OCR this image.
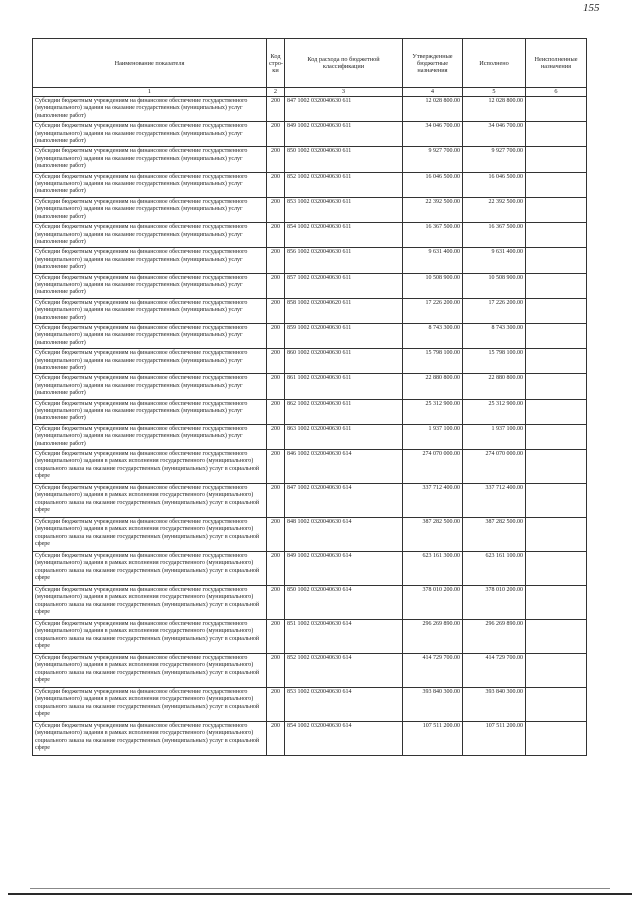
155
Наименование показателя	Код стро- ки	Код расхода по бюджетной классификации	Утвержденные бюджетные назначения	Исполнено	Неисполненные назначения
1	2	3	4	5	6
Субсидии бюджетным учреждениям на финансовое обеспечение государственного (муниципального) задания на оказание государственных (муниципальных) услуг (выполнение работ)	200	847 1002 0320040630 611	12 028 800.00	12 028 800.00	
Субсидии бюджетным учреждениям на финансовое обеспечение государственного (муниципального) задания на оказание государственных (муниципальных) услуг (выполнение работ)	200	849 1002 0320040630 611	34 046 700.00	34 046 700.00	
Субсидии бюджетным учреждениям на финансовое обеспечение государственного (муниципального) задания на оказание государственных (муниципальных) услуг (выполнение работ)	200	850 1002 0320040630 611	9 927 700.00	9 927 700.00	
Субсидии бюджетным учреждениям на финансовое обеспечение государственного (муниципального) задания на оказание государственных (муниципальных) услуг (выполнение работ)	200	852 1002 0320040630 611	16 046 500.00	16 046 500.00	
Субсидии бюджетным учреждениям на финансовое обеспечение государственного (муниципального) задания на оказание государственных (муниципальных) услуг (выполнение работ)	200	853 1002 0320040630 611	22 392 500.00	22 392 500.00	
Субсидии бюджетным учреждениям на финансовое обеспечение государственного (муниципального) задания на оказание государственных (муниципальных) услуг (выполнение работ)	200	854 1002 0320040630 611	16 367 500.00	16 367 500.00	
Субсидии бюджетным учреждениям на финансовое обеспечение государственного (муниципального) задания на оказание государственных (муниципальных) услуг (выполнение работ)	200	856 1002 0320040630 611	9 631 400.00	9 631 400.00	
Субсидии бюджетным учреждениям на финансовое обеспечение государственного (муниципального) задания на оказание государственных (муниципальных) услуг (выполнение работ)	200	857 1002 0320040630 611	10 508 900.00	10 508 900.00	
Субсидии бюджетным учреждениям на финансовое обеспечение государственного (муниципального) задания на оказание государственных (муниципальных) услуг (выполнение работ)	200	858 1002 0320040620 611	17 226 200.00	17 226 200.00	
Субсидии бюджетным учреждениям на финансовое обеспечение государственного (муниципального) задания на оказание государственных (муниципальных) услуг (выполнение работ)	200	859 1002 0320040630 611	8 743 300.00	8 743 300.00	
Субсидии бюджетным учреждениям на финансовое обеспечение государственного (муниципального) задания на оказание государственных (муниципальных) услуг (выполнение работ)	200	860 1002 0320040630 611	15 798 100.00	15 798 100.00	
Субсидии бюджетным учреждениям на финансовое обеспечение государственного (муниципального) задания на оказание государственных (муниципальных) услуг (выполнение работ)	200	861 1002 0320040630 611	22 880 800.00	22 880 800.00	
Субсидии бюджетным учреждениям на финансовое обеспечение государственного (муниципального) задания на оказание государственных (муниципальных) услуг (выполнение работ)	200	862 1002 0320040630 611	25 312 900.00	25 312 900.00	
Субсидии бюджетным учреждениям на финансовое обеспечение государственного (муниципального) задания на оказание государственных (муниципальных) услуг (выполнение работ)	200	863 1002 0320040630 611	1 937 100.00	1 937 100.00	
Субсидии бюджетным учреждениям на финансовое обеспечение государственного (муниципального) задания в рамках исполнения государственного (муниципального) социального заказа на оказание государственных (муниципальных) услуг в социальной сфере	200	846 1002 0320040630 614	274 070 000.00	274 070 000.00	
Субсидии бюджетным учреждениям на финансовое обеспечение государственного (муниципального) задания в рамках исполнения государственного (муниципального) социального заказа на оказание государственных (муниципальных) услуг в социальной сфере	200	847 1002 0320040630 614	337 712 400.00	337 712 400.00	
Субсидии бюджетным учреждениям на финансовое обеспечение государственного (муниципального) задания в рамках исполнения государственного (муниципального) социального заказа на оказание государственных (муниципальных) услуг в социальной сфере	200	848 1002 0320040630 614	387 282 500.00	387 282 500.00	
Субсидии бюджетным учреждениям на финансовое обеспечение государственного (муниципального) задания в рамках исполнения государственного (муниципального) социального заказа на оказание государственных (муниципальных) услуг в социальной сфере	200	849 1002 0320040630 614	623 161 300.00	623 161 100.00	
Субсидии бюджетным учреждениям на финансовое обеспечение государственного (муниципального) задания в рамках исполнения государственного (муниципального) социального заказа на оказание государственных (муниципальных) услуг в социальной сфере	200	850 1002 0320040630 614	378 010 200.00	378 010 200.00	
Субсидии бюджетным учреждениям на финансовое обеспечение государственного (муниципального) задания в рамках исполнения государственного (муниципального) социального заказа на оказание государственных (муниципальных) услуг в социальной сфере	200	851 1002 0320040630 614	296 269 890.00	296 269 890.00	
Субсидии бюджетным учреждениям на финансовое обеспечение государственного (муниципального) задания в рамках исполнения государственного (муниципального) социального заказа на оказание государственных (муниципальных) услуг в социальной сфере	200	852 1002 0320040630 614	414 729 700.00	414 729 700.00	
Субсидии бюджетным учреждениям на финансовое обеспечение государственного (муниципального) задания в рамках исполнения государственного (муниципального) социального заказа на оказание государственных (муниципальных) услуг в социальной сфере	200	853 1002 0320040630 614	393 840 300.00	393 840 300.00	
Субсидии бюджетным учреждениям на финансовое обеспечение государственного (муниципального) задания в рамках исполнения государственного (муниципального) социального заказа на оказание государственных (муниципальных) услуг в социальной сфере	200	854 1002 0320040630 614	107 511 200.00	107 511 200.00	
